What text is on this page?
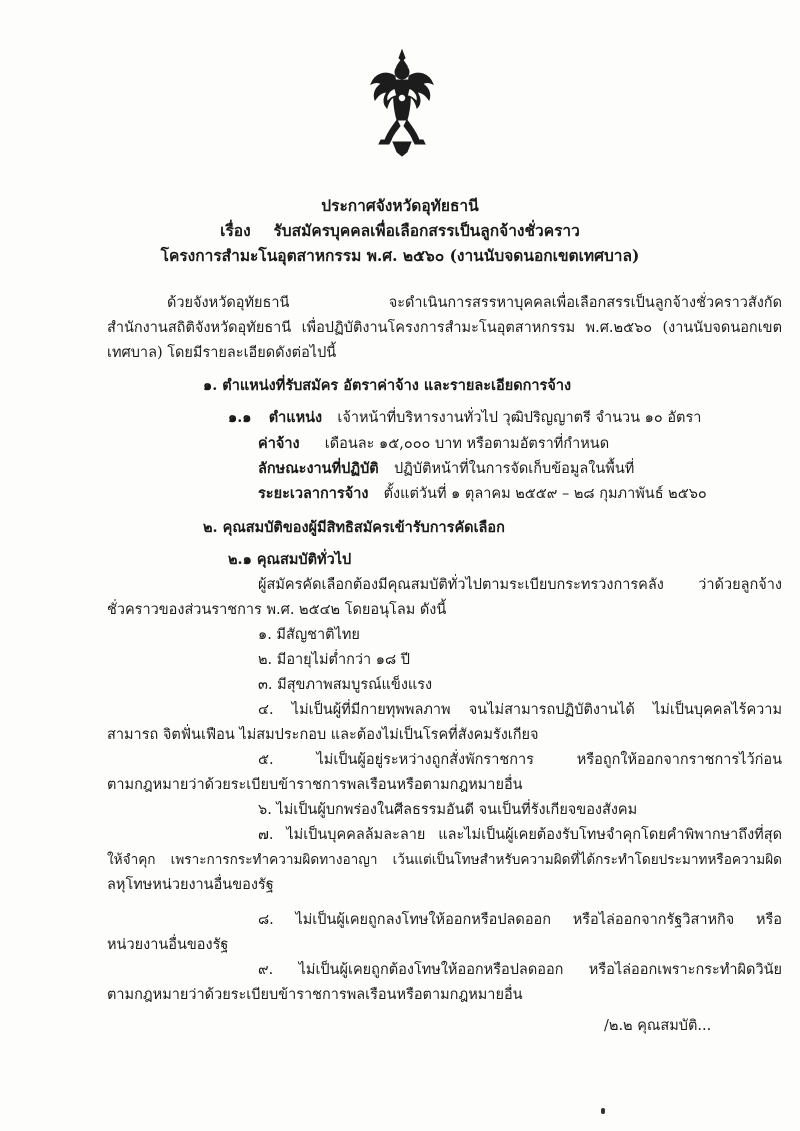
ประกาศจังหวัดอุทัยธานี
เรื่อง รับสมัครบุคคลเพื่อเลือกสรรเป็นลูกจ้างชั่วคราว
โครงการสำมะโนอุตสาหกรรม พ.ศ. ๒๕๖๐ (งานนับจดนอกเขตเทศบาล)
ด้วยจังหวัดอุทัยธานี จะดำเนินการสรรหาบุคคลเพื่อเลือกสรรเป็นลูกจ้างชั่วคราวสังกัด
สำนักงานสถิติจังหวัดอุทัยธานี เพื่อปฏิบัติงานโครงการสำมะโนอุตสาหกรรม พ.ศ.๒๕๖๐ (งานนับจดนอกเขต
เทศบาล) โดยมีรายละเอียดดังต่อไปนี้
๑. ตำแหน่งที่รับสมัคร อัตราค่าจ้าง และรายละเอียดการจ้าง
๑.๑ ตำแหน่ง เจ้าหน้าที่บริหารงานทั่วไป วุฒิปริญญาตรี จำนวน ๑๐ อัตรา
ค่าจ้าง เดือนละ ๑๕,๐๐๐ บาท หรือตามอัตราที่กำหนด
ลักษณะงานที่ปฏิบัติ ปฏิบัติหน้าที่ในการจัดเก็บข้อมูลในพื้นที่
ระยะเวลาการจ้าง ตั้งแต่วันที่ ๑ ตุลาคม ๒๕๕๙ – ๒๘ กุมภาพันธ์ ๒๕๖๐
๒. คุณสมบัติของผู้มีสิทธิสมัครเข้ารับการคัดเลือก
๒.๑ คุณสมบัติทั่วไป
ผู้สมัครคัดเลือกต้องมีคุณสมบัติทั่วไปตามระเบียบกระทรวงการคลัง ว่าด้วยลูกจ้าง
ชั่วคราวของส่วนราชการ พ.ศ. ๒๕๔๒ โดยอนุโลม ดังนี้
๑. มีสัญชาติไทย
๒. มีอายุไม่ต่ำกว่า ๑๘ ปี
๓. มีสุขภาพสมบูรณ์แข็งแรง
๔. ไม่เป็นผู้ที่มีกายทุพพลภาพ จนไม่สามารถปฏิบัติงานได้ ไม่เป็นบุคคลไร้ความ
สามารถ จิตฟั่นเฟือน ไม่สมประกอบ และต้องไม่เป็นโรคที่สังคมรังเกียจ
๕. ไม่เป็นผู้อยู่ระหว่างถูกสั่งพักราชการ หรือถูกให้ออกจากราชการไว้ก่อน
ตามกฎหมายว่าด้วยระเบียบข้าราชการพลเรือนหรือตามกฎหมายอื่น
๖. ไม่เป็นผู้บกพร่องในศีลธรรมอันดี จนเป็นที่รังเกียจของสังคม
๗. ไม่เป็นบุคคลล้มละลาย และไม่เป็นผู้เคยต้องรับโทษจำคุกโดยคำพิพากษาถึงที่สุด
ให้จำคุก เพราะการกระทำความผิดทางอาญา เว้นแต่เป็นโทษสำหรับความผิดที่ได้กระทำโดยประมาทหรือความผิด
ลหุโทษหน่วยงานอื่นของรัฐ
๘. ไม่เป็นผู้เคยถูกลงโทษให้ออกหรือปลดออก หรือไล่ออกจากรัฐวิสาหกิจ หรือ
หน่วยงานอื่นของรัฐ
๙. ไม่เป็นผู้เคยถูกต้องโทษให้ออกหรือปลดออก หรือไล่ออกเพราะกระทำผิดวินัย
ตามกฎหมายว่าด้วยระเบียบข้าราชการพลเรือนหรือตามกฎหมายอื่น
/๒.๒ คุณสมบัติ...
